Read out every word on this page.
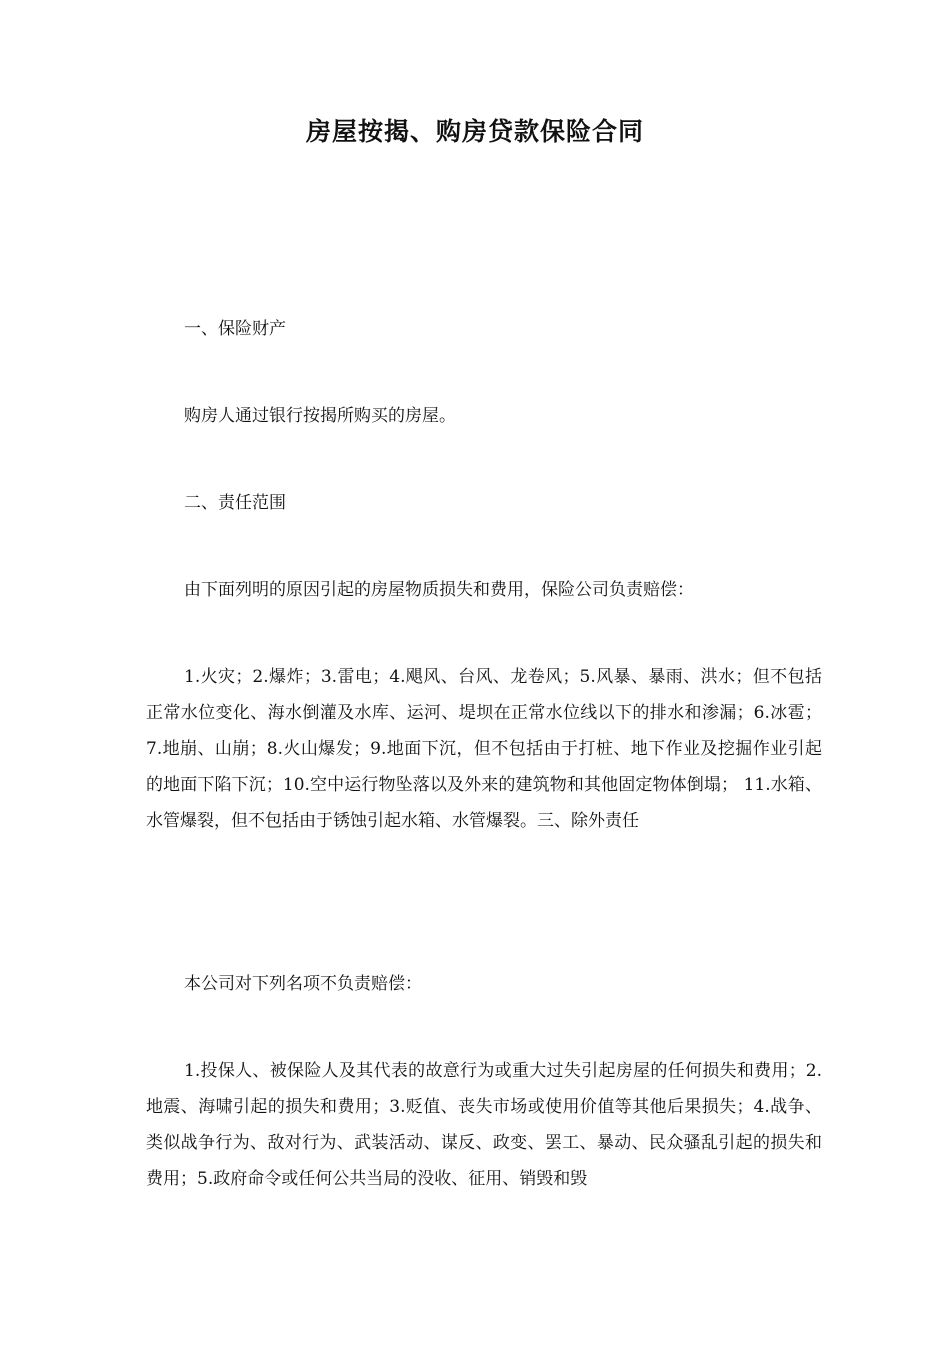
房屋按揭、购房贷款保险合同

一、保险财产

购房人通过银行按揭所购买的房屋。

二、责任范围

由下面列明的原因引起的房屋物质损失和费用，保险公司负责赔偿：

1.火灾；2.爆炸；3.雷电；4.飓风、台风、龙卷风；5.风暴、暴雨、洪水；但不包括正常水位变化、海水倒灌及水库、运河、堤坝在正常水位线以下的排水和渗漏；6.冰雹；7.地崩、山崩；8.火山爆发；9.地面下沉，但不包括由于打桩、地下作业及挖掘作业引起的地面下陷下沉；10.空中运行物坠落以及外来的建筑物和其他固定物体倒塌； 11.水箱、水管爆裂，但不包括由于锈蚀引起水箱、水管爆裂。三、除外责任

本公司对下列名项不负责赔偿：

1.投保人、被保险人及其代表的故意行为或重大过失引起房屋的任何损失和费用；2.地震、海啸引起的损失和费用；3.贬值、丧失市场或使用价值等其他后果损失；4.战争、类似战争行为、敌对行为、武装活动、谋反、政变、罢工、暴动、民众骚乱引起的损失和费用；5.政府命令或任何公共当局的没收、征用、销毁和毁
